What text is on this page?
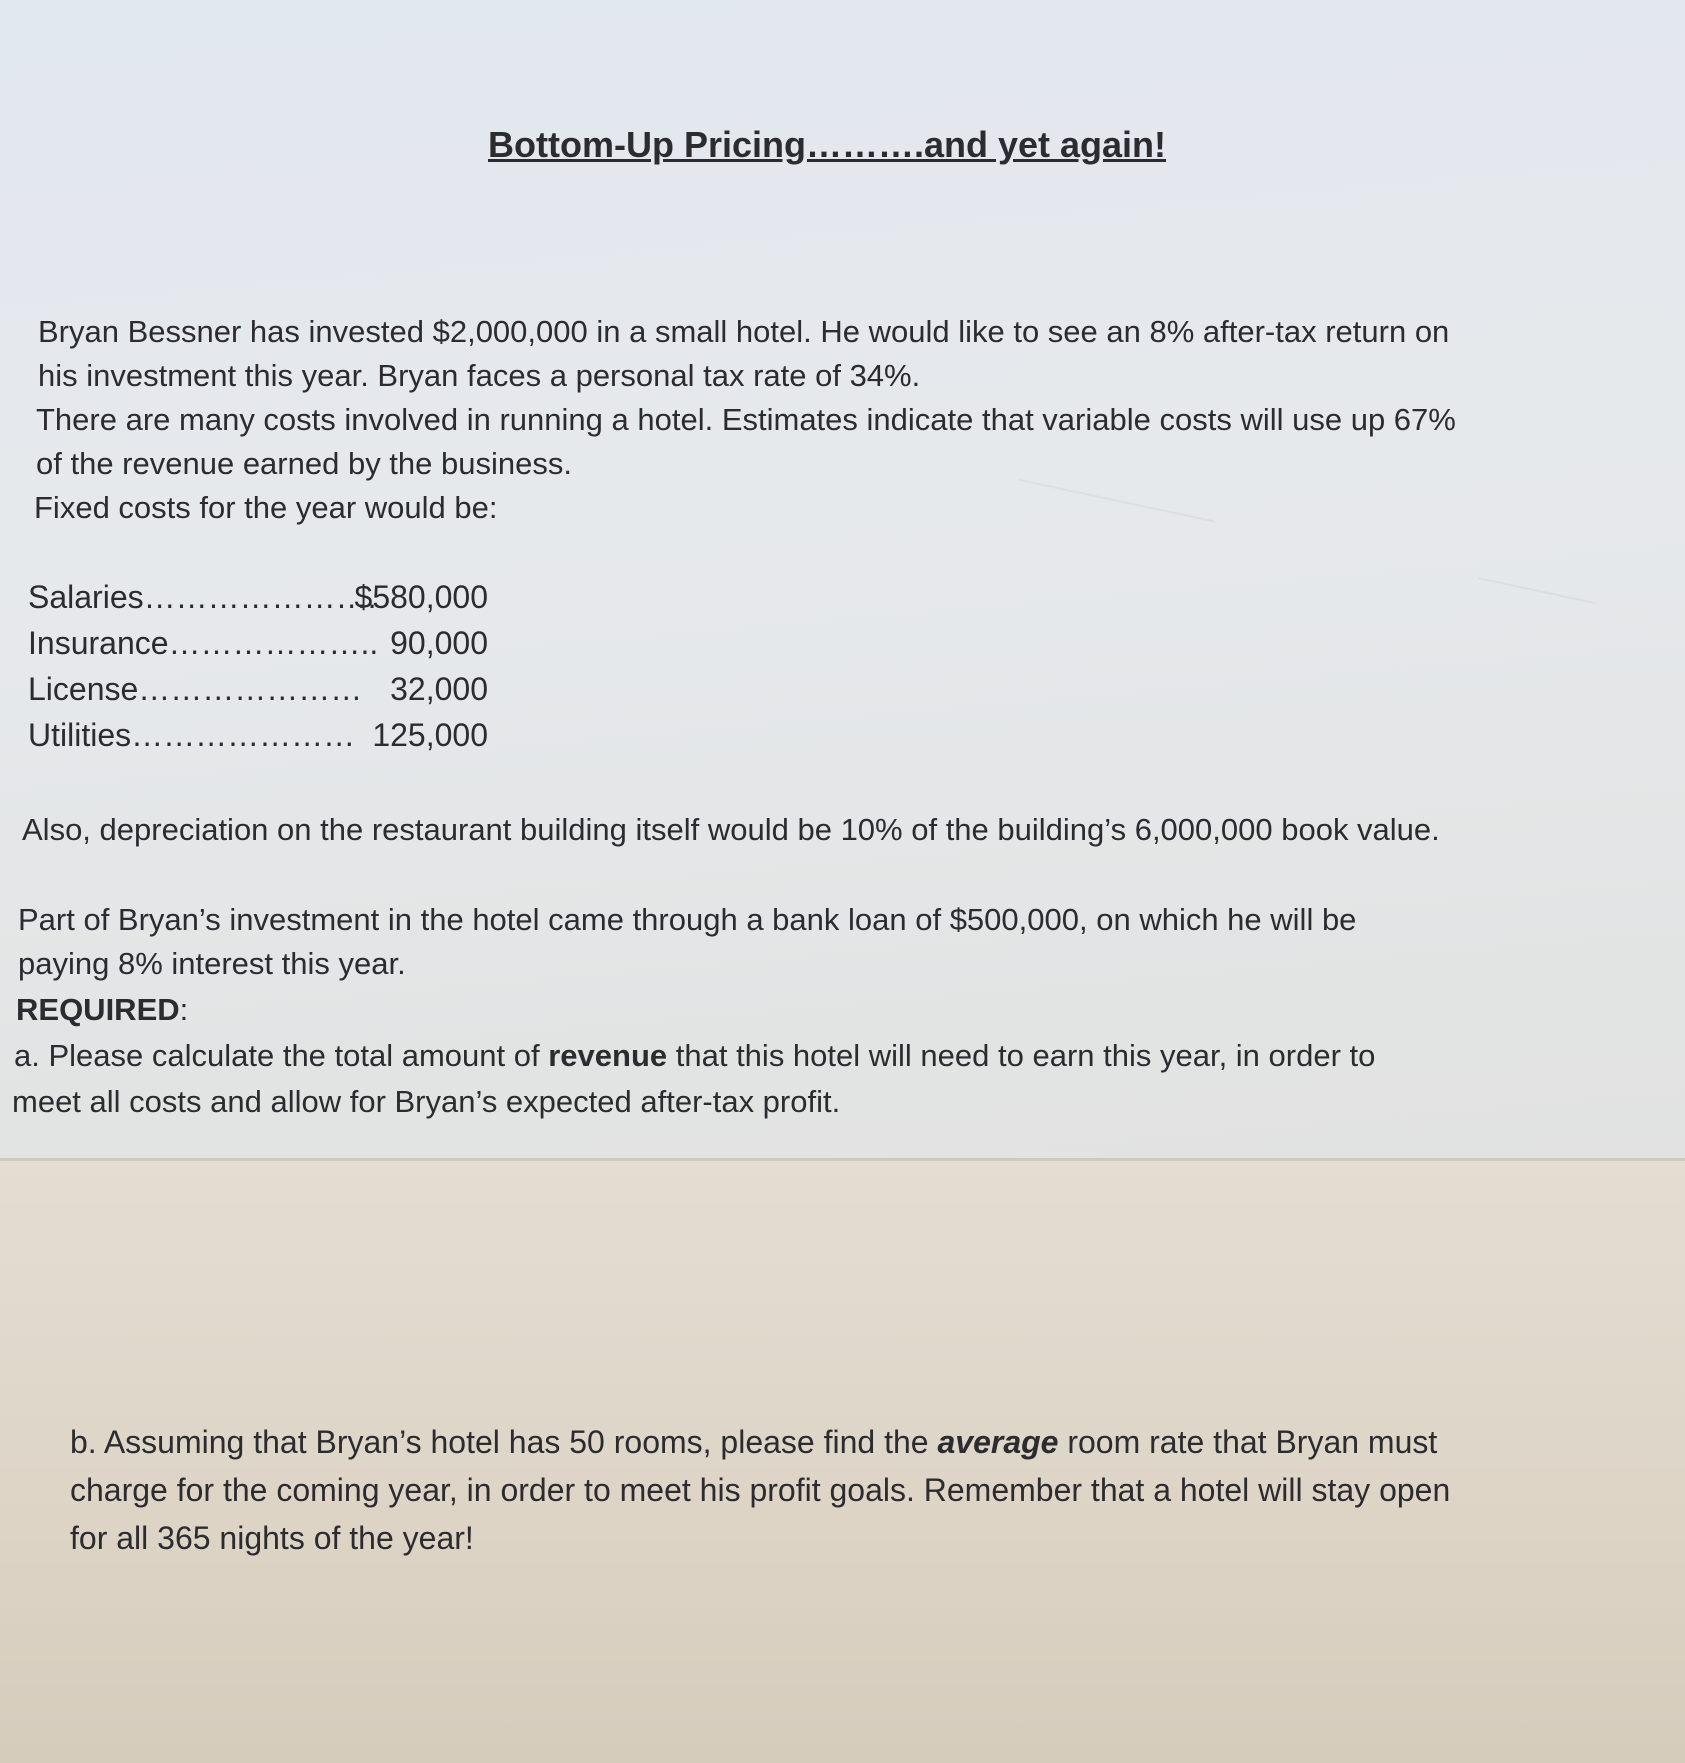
Bottom-Up Pricing……….and yet again!
Bryan Bessner has invested $2,000,000 in a small hotel. He would like to see an 8% after-tax return on
his investment this year. Bryan faces a personal tax rate of 34%.
There are many costs involved in running a hotel. Estimates indicate that variable costs will use up 67%
of the revenue earned by the business.
Fixed costs for the year would be:
Salaries………………….
$580,000
Insurance……………….. 90,000
License………………… 32,000
Utilities………………… 125,000
Also, depreciation on the restaurant building itself would be 10% of the building’s 6,000,000 book value.
Part of Bryan’s investment in the hotel came through a bank loan of $500,000, on which he will be
paying 8% interest this year.
REQUIRED:
a. Please calculate the total amount of revenue that this hotel will need to earn this year, in order to
meet all costs and allow for Bryan’s expected after-tax profit.
b. Assuming that Bryan’s hotel has 50 rooms, please find the average room rate that Bryan must
charge for the coming year, in order to meet his profit goals. Remember that a hotel will stay open
for all 365 nights of the year!
